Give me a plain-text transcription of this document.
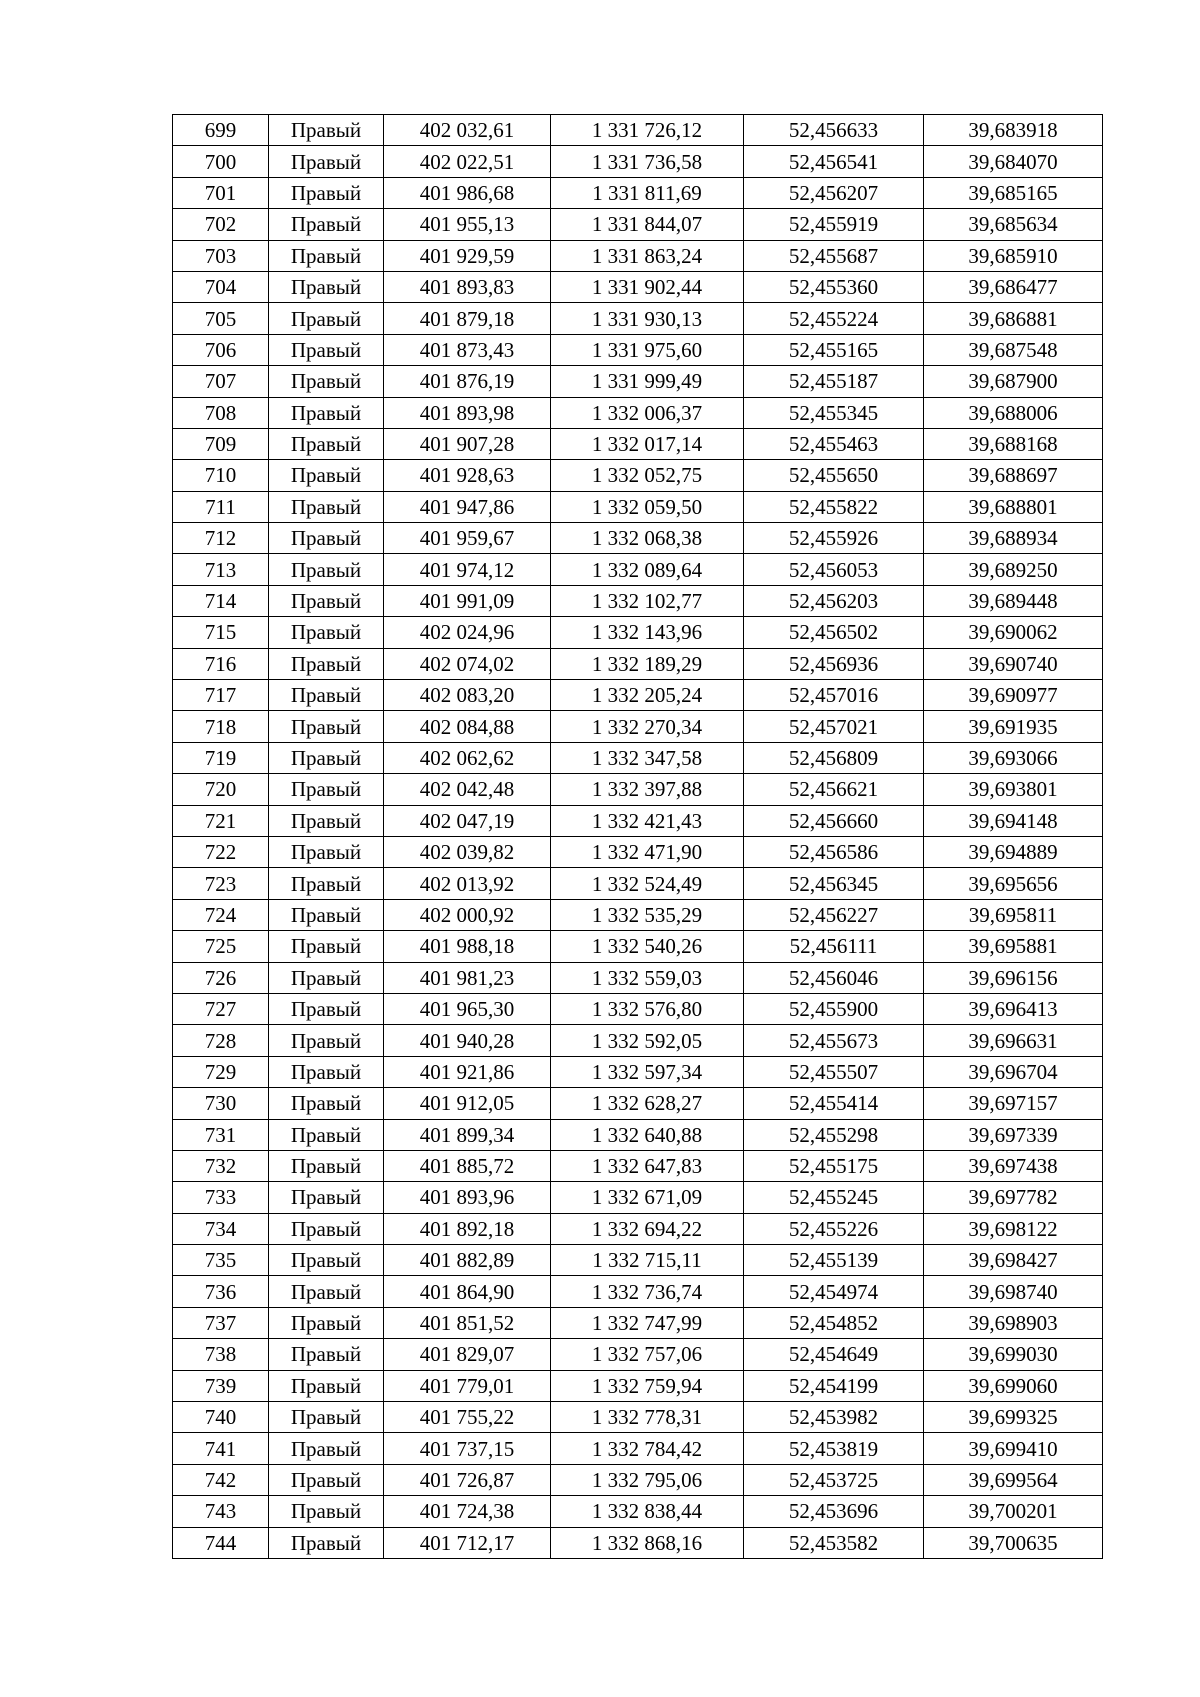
699	Правый	402 032,61	1 331 726,12	52,456633	39,683918
700	Правый	402 022,51	1 331 736,58	52,456541	39,684070
701	Правый	401 986,68	1 331 811,69	52,456207	39,685165
702	Правый	401 955,13	1 331 844,07	52,455919	39,685634
703	Правый	401 929,59	1 331 863,24	52,455687	39,685910
704	Правый	401 893,83	1 331 902,44	52,455360	39,686477
705	Правый	401 879,18	1 331 930,13	52,455224	39,686881
706	Правый	401 873,43	1 331 975,60	52,455165	39,687548
707	Правый	401 876,19	1 331 999,49	52,455187	39,687900
708	Правый	401 893,98	1 332 006,37	52,455345	39,688006
709	Правый	401 907,28	1 332 017,14	52,455463	39,688168
710	Правый	401 928,63	1 332 052,75	52,455650	39,688697
711	Правый	401 947,86	1 332 059,50	52,455822	39,688801
712	Правый	401 959,67	1 332 068,38	52,455926	39,688934
713	Правый	401 974,12	1 332 089,64	52,456053	39,689250
714	Правый	401 991,09	1 332 102,77	52,456203	39,689448
715	Правый	402 024,96	1 332 143,96	52,456502	39,690062
716	Правый	402 074,02	1 332 189,29	52,456936	39,690740
717	Правый	402 083,20	1 332 205,24	52,457016	39,690977
718	Правый	402 084,88	1 332 270,34	52,457021	39,691935
719	Правый	402 062,62	1 332 347,58	52,456809	39,693066
720	Правый	402 042,48	1 332 397,88	52,456621	39,693801
721	Правый	402 047,19	1 332 421,43	52,456660	39,694148
722	Правый	402 039,82	1 332 471,90	52,456586	39,694889
723	Правый	402 013,92	1 332 524,49	52,456345	39,695656
724	Правый	402 000,92	1 332 535,29	52,456227	39,695811
725	Правый	401 988,18	1 332 540,26	52,456111	39,695881
726	Правый	401 981,23	1 332 559,03	52,456046	39,696156
727	Правый	401 965,30	1 332 576,80	52,455900	39,696413
728	Правый	401 940,28	1 332 592,05	52,455673	39,696631
729	Правый	401 921,86	1 332 597,34	52,455507	39,696704
730	Правый	401 912,05	1 332 628,27	52,455414	39,697157
731	Правый	401 899,34	1 332 640,88	52,455298	39,697339
732	Правый	401 885,72	1 332 647,83	52,455175	39,697438
733	Правый	401 893,96	1 332 671,09	52,455245	39,697782
734	Правый	401 892,18	1 332 694,22	52,455226	39,698122
735	Правый	401 882,89	1 332 715,11	52,455139	39,698427
736	Правый	401 864,90	1 332 736,74	52,454974	39,698740
737	Правый	401 851,52	1 332 747,99	52,454852	39,698903
738	Правый	401 829,07	1 332 757,06	52,454649	39,699030
739	Правый	401 779,01	1 332 759,94	52,454199	39,699060
740	Правый	401 755,22	1 332 778,31	52,453982	39,699325
741	Правый	401 737,15	1 332 784,42	52,453819	39,699410
742	Правый	401 726,87	1 332 795,06	52,453725	39,699564
743	Правый	401 724,38	1 332 838,44	52,453696	39,700201
744	Правый	401 712,17	1 332 868,16	52,453582	39,700635
